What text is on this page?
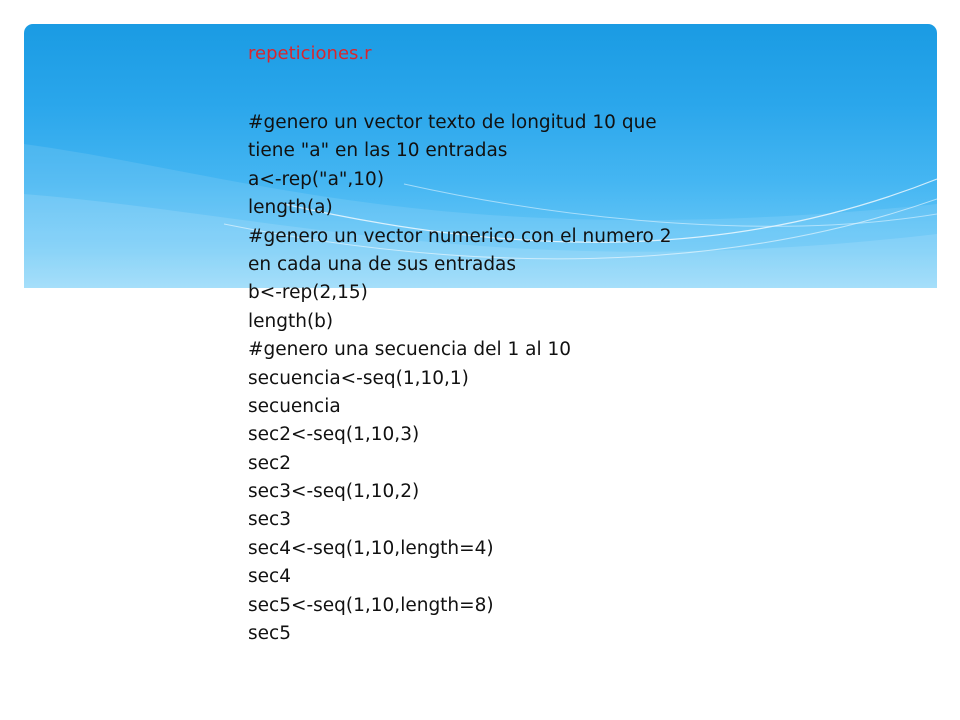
repeticiones.r
#genero un vector texto de longitud 10 que
tiene "a" en las 10 entradas
a<-rep("a",10)
length(a)
#genero un vector numerico con el numero 2
en cada una de sus entradas
b<-rep(2,15)
length(b)
#genero una secuencia del 1 al 10
secuencia<-seq(1,10,1)
secuencia
sec2<-seq(1,10,3)
sec2
sec3<-seq(1,10,2)
sec3
sec4<-seq(1,10,length=4)
sec4
sec5<-seq(1,10,length=8)
sec5
